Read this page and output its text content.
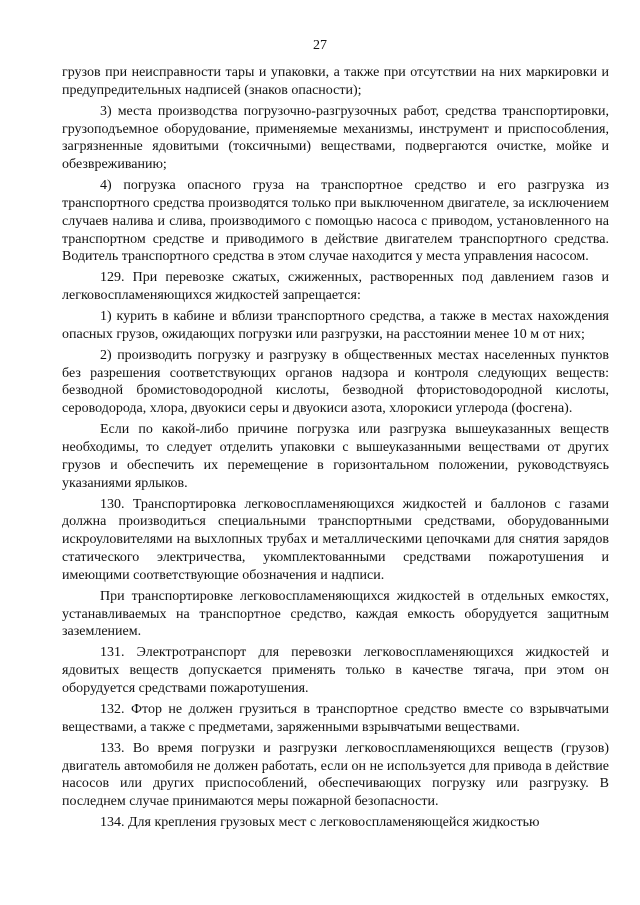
27

грузов при неисправности тары и упаковки, а также при отсутствии на них маркировки и предупредительных надписей (знаков опасности);

3) места производства погрузочно-разгрузочных работ, средства транспортировки, грузоподъемное оборудование, применяемые механизмы, инструмент и приспособления, загрязненные ядовитыми (токсичными) веществами, подвергаются очистке, мойке и обезвреживанию;

4) погрузка опасного груза на транспортное средство и его разгрузка из транспортного средства производятся только при выключенном двигателе, за исключением случаев налива и слива, производимого с помощью насоса с приводом, установленного на транспортном средстве и приводимого в действие двигателем транспортного средства. Водитель транспортного средства в этом случае находится у места управления насосом.

129. При перевозке сжатых, сжиженных, растворенных под давлением газов и легковоспламеняющихся жидкостей запрещается:

1) курить в кабине и вблизи транспортного средства, а также в местах нахождения опасных грузов, ожидающих погрузки или разгрузки, на расстоянии менее 10 м от них;

2) производить погрузку и разгрузку в общественных местах населенных пунктов без разрешения соответствующих органов надзора и контроля следующих веществ: безводной бромистоводородной кислоты, безводной фтористоводородной кислоты, сероводорода, хлора, двуокиси серы и двуокиси азота, хлорокиси углерода (фосгена).

Если по какой-либо причине погрузка или разгрузка вышеуказанных веществ необходимы, то следует отделить упаковки с вышеуказанными веществами от других грузов и обеспечить их перемещение в горизонтальном положении, руководствуясь указаниями ярлыков.

130. Транспортировка легковоспламеняющихся жидкостей и баллонов с газами должна производиться специальными транспортными средствами, оборудованными искроуловителями на выхлопных трубах и металлическими цепочками для снятия зарядов статического электричества, укомплектованными средствами пожаротушения и имеющими соответствующие обозначения и надписи.

При транспортировке легковоспламеняющихся жидкостей в отдельных емкостях, устанавливаемых на транспортное средство, каждая емкость оборудуется защитным заземлением.

131. Электротранспорт для перевозки легковоспламеняющихся жидкостей и ядовитых веществ допускается применять только в качестве тягача, при этом он оборудуется средствами пожаротушения.

132. Фтор не должен грузиться в транспортное средство вместе со взрывчатыми веществами, а также с предметами, заряженными взрывчатыми веществами.

133. Во время погрузки и разгрузки легковоспламеняющихся веществ (грузов) двигатель автомобиля не должен работать, если он не используется для привода в действие насосов или других приспособлений, обеспечивающих погрузку или разгрузку. В последнем случае принимаются меры пожарной безопасности.

134. Для крепления грузовых мест с легковоспламеняющейся жидкостью
